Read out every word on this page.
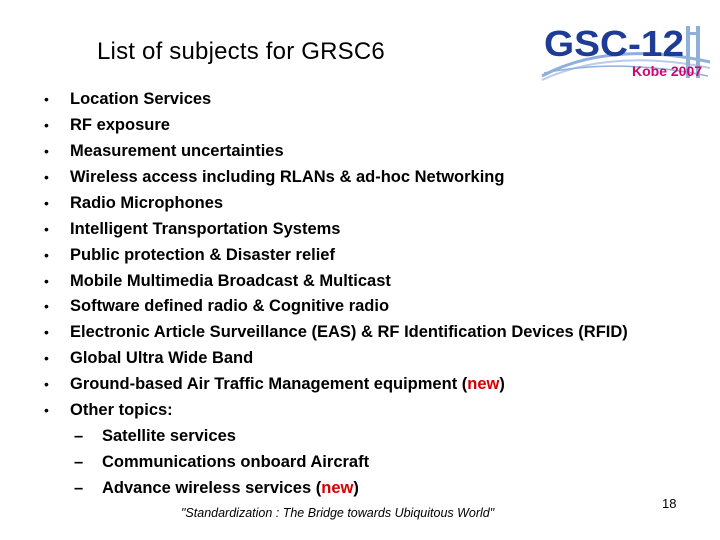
List of subjects for GRSC6	GSC-12
Kobe 2007
•	Location Services
•	RF exposure
•	Measurement uncertainties
•	Wireless access including RLANs & ad-hoc Networking
•	Radio Microphones
•	Intelligent Transportation Systems
•	Public protection & Disaster relief
•	Mobile Multimedia Broadcast & Multicast
•	Software defined radio & Cognitive radio
•	Electronic Article Surveillance (EAS) & RF Identification Devices (RFID)
•	Global Ultra Wide Band
•	Ground-based Air Traffic Management equipment (new)
•	Other topics:
– Satellite services
– Communications onboard Aircraft
– Advance wireless services (new)
"Standardization : The Bridge towards Ubiquitous World"
18
